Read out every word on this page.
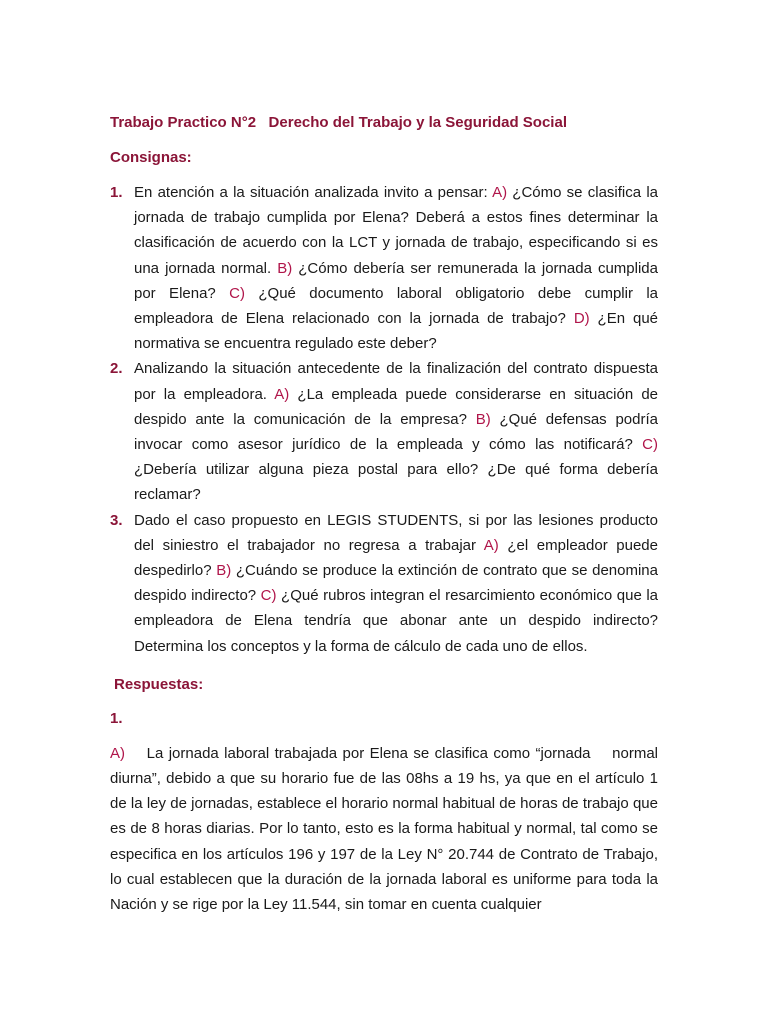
Trabajo Practico N°2   Derecho del Trabajo y la Seguridad Social

Consignas:

1. En atención a la situación analizada invito a pensar: A) ¿Cómo se clasifica la jornada de trabajo cumplida por Elena? Deberá a estos fines determinar la clasificación de acuerdo con la LCT y jornada de trabajo, especificando si es una jornada normal. B) ¿Cómo debería ser remunerada la jornada cumplida por Elena? C) ¿Qué documento laboral obligatorio debe cumplir la empleadora de Elena relacionado con la jornada de trabajo? D) ¿En qué normativa se encuentra regulado este deber?
2. Analizando la situación antecedente de la finalización del contrato dispuesta por la empleadora. A) ¿La empleada puede considerarse en situación de despido ante la comunicación de la empresa? B) ¿Qué defensas podría invocar como asesor jurídico de la empleada y cómo las notificará? C) ¿Debería utilizar alguna pieza postal para ello? ¿De qué forma debería reclamar?
3. Dado el caso propuesto en LEGIS STUDENTS, si por las lesiones producto del siniestro el trabajador no regresa a trabajar A) ¿el empleador puede despedirlo? B) ¿Cuándo se produce la extinción de contrato que se denomina despido indirecto? C) ¿Qué rubros integran el resarcimiento económico que la empleadora de Elena tendría que abonar ante un despido indirecto? Determina los conceptos y la forma de cálculo de cada uno de ellos.

Respuestas:

1.

A)    La jornada laboral trabajada por Elena se clasifica como “jornada    normal diurna”, debido a que su horario fue de las 08hs a 19 hs, ya que en el artículo 1 de la ley de jornadas, establece el horario normal habitual de horas de trabajo que es de 8 horas diarias. Por lo tanto, esto es la forma habitual y normal, tal como se especifica en los artículos 196 y 197 de la Ley N° 20.744 de Contrato de Trabajo, lo cual establecen que la duración de la jornada laboral es uniforme para toda la Nación y se rige por la Ley 11.544, sin tomar en cuenta cualquier
